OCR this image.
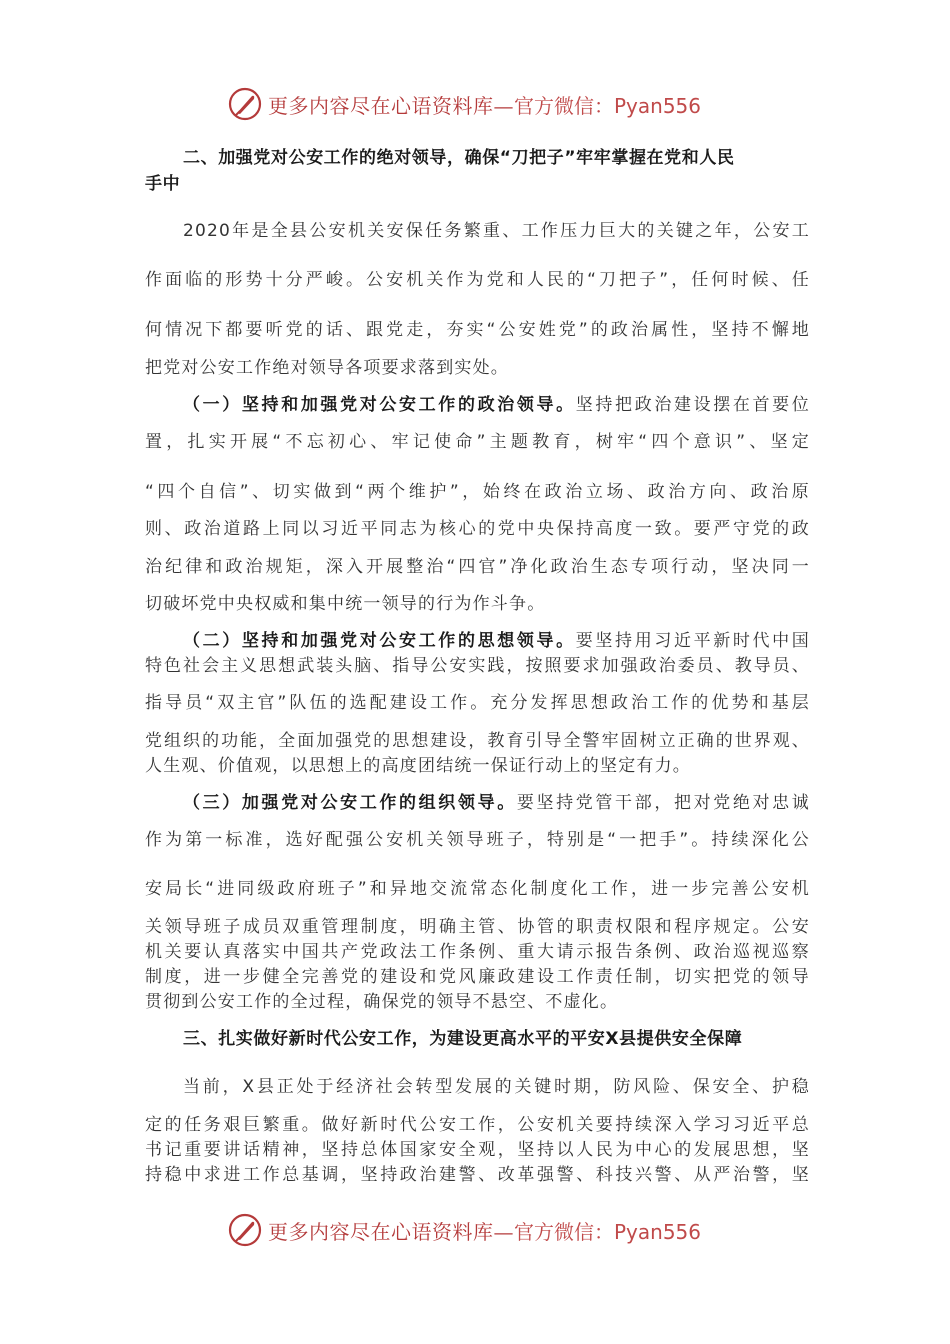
更多内容尽在心语资料库— 官方微信：Pyan556
二、加强党对公安工作的绝对领导，确保“刀把子”牢牢掌握在党和人民
手中
2020年是全县公安机关安保任务繁重、工作压力巨大的关键之年，公安工
作面临的形势十分严峻。公安机关作为党和人民的“刀把子”，任何时候、任
何情况下都要听党的话、跟党走，夯实“公安姓党”的政治属性，坚持不懈地
把党对公安工作绝对领导各项要求落到实处。
（一）坚持和加强党对公安工作的政治领导。坚持把政治建设摆在首要位
置，扎实开展“不忘初心、牢记使命”主题教育，树牢“四个意识”、坚定
“四个自信”、切实做到“两个维护”，始终在政治立场、政治方向、政治原
则、政治道路上同以习近平同志为核心的党中央保持高度一致。要严守党的政
治纪律和政治规矩，深入开展整治“四官”净化政治生态专项行动，坚决同一
切破坏党中央权威和集中统一领导的行为作斗争。
（二）坚持和加强党对公安工作的思想领导。要坚持用习近平新时代中国
特色社会主义思想武装头脑、指导公安实践，按照要求加强政治委员、教导员、
指导员“双主官”队伍的选配建设工作。充分发挥思想政治工作的优势和基层
党组织的功能，全面加强党的思想建设，教育引导全警牢固树立正确的世界观、
人生观、价值观，以思想上的高度团结统一保证行动上的坚定有力。
（三）加强党对公安工作的组织领导。要坚持党管干部，把对党绝对忠诚
作为第一标准，选好配强公安机关领导班子，特别是“一把手”。持续深化公
安局长“进同级政府班子”和异地交流常态化制度化工作，进一步完善公安机
关领导班子成员双重管理制度，明确主管、协管的职责权限和程序规定。公安
机关要认真落实中国共产党政法工作条例、重大请示报告条例、政治巡视巡察
制度，进一步健全完善党的建设和党风廉政建设工作责任制，切实把党的领导
贯彻到公安工作的全过程，确保党的领导不悬空、不虚化。
三、扎实做好新时代公安工作，为建设更高水平的平安X县提供安全保障
当前，X县正处于经济社会转型发展的关键时期，防风险、保安全、护稳
定的任务艰巨繁重。做好新时代公安工作，公安机关要持续深入学习习近平总
书记重要讲话精神，坚持总体国家安全观，坚持以人民为中心的发展思想，坚
持稳中求进工作总基调，坚持政治建警、改革强警、科技兴警、从严治警，坚
更多内容尽在心语资料库— 官方微信：Pyan556
